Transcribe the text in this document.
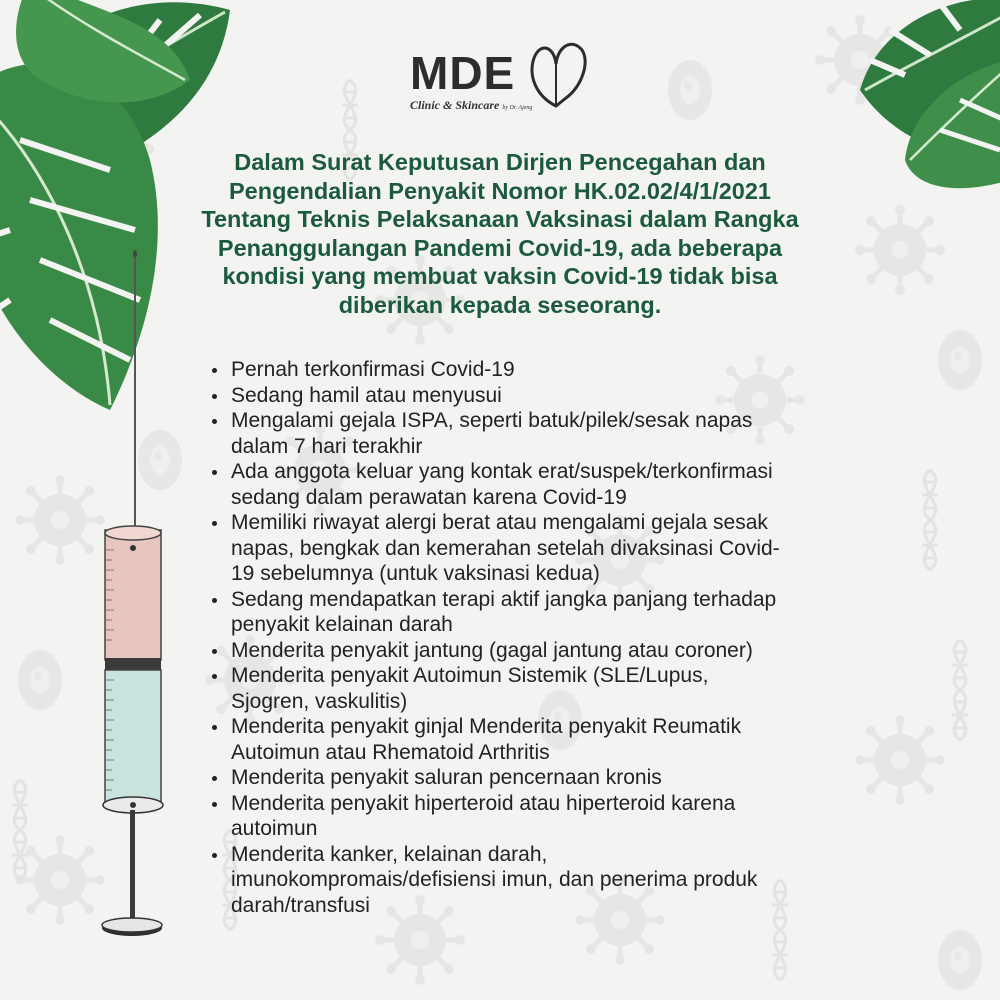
MDE
Clinic & Skincare by Dr. Ajeng
Dalam Surat Keputusan Dirjen Pencegahan dan
Pengendalian Penyakit Nomor HK.02.02/4/1/2021
Tentang Teknis Pelaksanaan Vaksinasi dalam Rangka
Penanggulangan Pandemi Covid-19, ada beberapa
kondisi yang membuat vaksin Covid-19 tidak bisa
diberikan kepada seseorang.
Pernah terkonfirmasi Covid-19
Sedang hamil atau menyusui
Mengalami gejala ISPA, seperti batuk/pilek/sesak napas
dalam 7 hari terakhir
Ada anggota keluar yang kontak erat/suspek/terkonfirmasi
sedang dalam perawatan karena Covid-19
Memiliki riwayat alergi berat atau mengalami gejala sesak
napas, bengkak dan kemerahan setelah divaksinasi Covid-
19 sebelumnya (untuk vaksinasi kedua)
Sedang mendapatkan terapi aktif jangka panjang terhadap
penyakit kelainan darah
Menderita penyakit jantung (gagal jantung atau coroner)
Menderita penyakit Autoimun Sistemik (SLE/Lupus,
Sjogren, vaskulitis)
Menderita penyakit ginjal Menderita penyakit Reumatik
Autoimun atau Rhematoid Arthritis
Menderita penyakit saluran pencernaan kronis
Menderita penyakit hiperteroid atau hiperteroid karena
autoimun
Menderita kanker, kelainan darah,
imunokompromais/defisiensi imun, dan penerima produk
darah/transfusi
